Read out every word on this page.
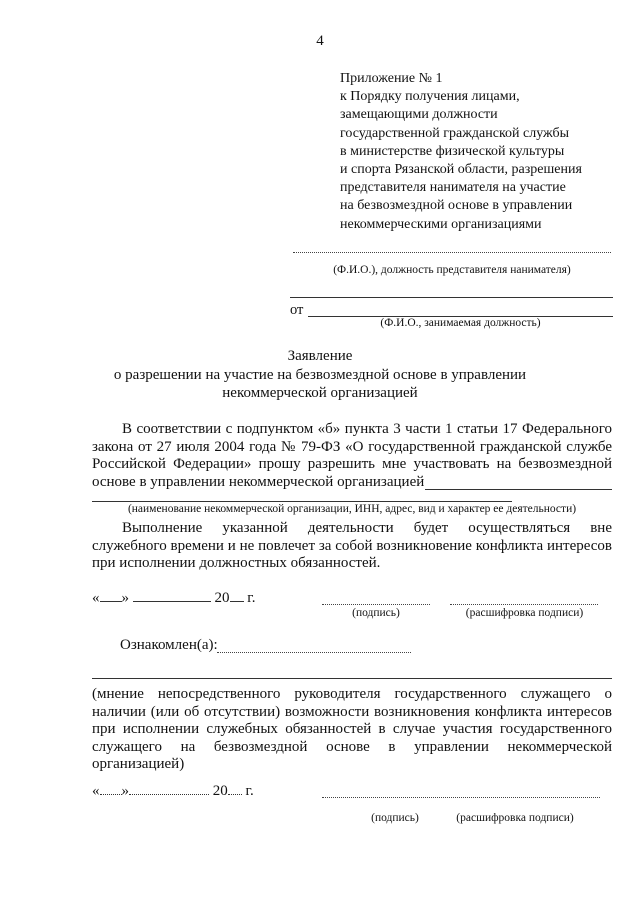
4
Приложение № 1
к Порядку получения лицами,
замещающими должности
государственной гражданской службы
в министерстве физической культуры
и спорта Рязанской области, разрешения
представителя нанимателя на участие
на безвозмездной основе в управлении
некоммерческими организациями
(Ф.И.О.), должность представителя нанимателя)
от
(Ф.И.О., занимаемая должность)
Заявление
о разрешении на участие на безвозмездной основе в управлении
некоммерческой организацией
В соответствии с подпунктом «б» пункта 3 части 1 статьи 17 Федерального
закона от 27 июля 2004 года № 79-ФЗ «О государственной гражданской службе
Российской Федерации» прошу разрешить мне участвовать на безвозмездной
основе в управлении некоммерческой организацией
(наименование некоммерческой организации, ИНН, адрес, вид и характер ее деятельности)
Выполнение указанной деятельности будет осуществляться вне
служебного времени и не повлечет за собой возникновение конфликта интересов
при исполнении должностных обязанностей.
« »	20 г.
(подпись)	(расшифровка подписи)
Ознакомлен(а):
(мнение непосредственного руководителя государственного служащего о
наличии (или об отсутствии) возможности возникновения конфликта интересов
при исполнении служебных обязанностей в случае участия государственного
служащего на безвозмездной основе в управлении некоммерческой
организацией)
« »	20 г.
(подпись)	(расшифровка подписи)
